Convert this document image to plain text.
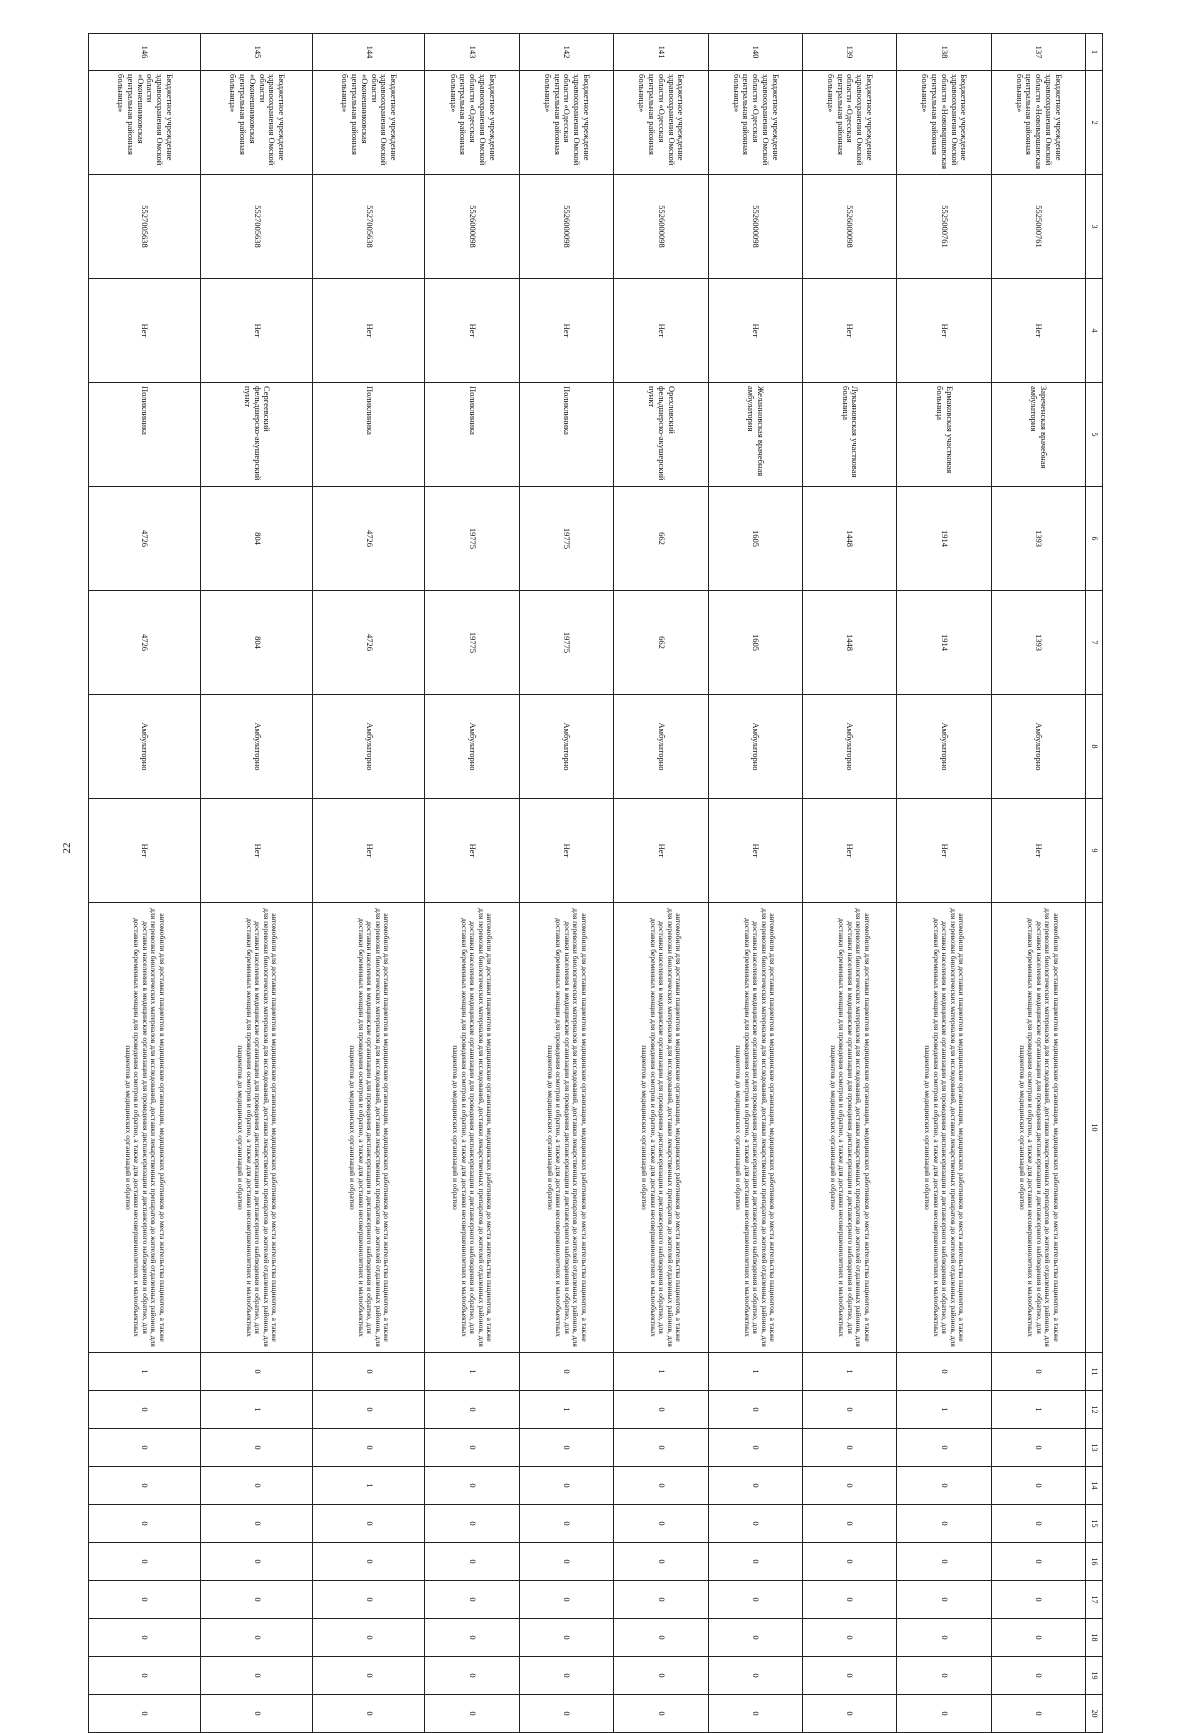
22
1	2	3	4	5	6	7	8	9	10	11	12	13	14	15	16	17	18	19	20
137	Бюджетное учреждение здравоохранения Омской области «Нововаршавская центральная районная больница»	5525000761	Нет	Зареченская врачебная амбулатория	1393	1393	Амбулаторно	Нет	автомобили для доставки пациентов в медицинские организации, медицинских работников до места жительства пациентов, а также для перевозки биологических материалов для исследований, доставки лекарственных препаратов до жителей отдаленных районов, для доставки населения в медицинские организации для проведения диспансеризации и диспансерного наблюдения и обратно, для доставки беременных женщин для проведения осмотров и обратно, а также для доставки несовершеннолетних и малообъектных пациентов до медицинских организаций и обратно	0	1	0	0	0	0	0	0	0	0
138	Бюджетное учреждение здравоохранения Омской области «Нововаршавская центральная районная больница»	5525000761	Нет	Ермаковская участковая больница	1914	1914	Амбулаторно	Нет	автомобили для доставки пациентов в медицинские организации, медицинских работников до места жительства пациентов, а также для перевозки биологических материалов для исследований, доставки лекарственных препаратов до жителей отдаленных районов, для доставки населения в медицинские организации для проведения диспансеризации и диспансерного наблюдения и обратно, для доставки беременных женщин для проведения осмотров и обратно, а также для доставки несовершеннолетних и малообъектных пациентов до медицинских организаций и обратно	0	1	0	0	0	0	0	0	0	0
139	Бюджетное учреждение здравоохранения Омской области «Одесская центральная районная больница»	5526000098	Нет	Лукьяновская участковая больница	1448	1448	Амбулаторно	Нет	автомобили для доставки пациентов в медицинские организации, медицинских работников до места жительства пациентов, а также для перевозки биологических материалов для исследований, доставки лекарственных препаратов до жителей отдаленных районов, для доставки населения в медицинские организации для проведения диспансеризации и диспансерного наблюдения и обратно, для доставки беременных женщин для проведения осмотров и обратно, а также для доставки несовершеннолетних и малообъектных пациентов до медицинских организаций и обратно	1	0	0	0	0	0	0	0	0	0
140	Бюджетное учреждение здравоохранения Омской области «Одесская центральная районная больница»	5526000098	Нет	Желанновская врачебная амбулатория	1605	1605	Амбулаторно	Нет	автомобили для доставки пациентов в медицинские организации, медицинских работников до места жительства пациентов, а также для перевозки биологических материалов для исследований, доставки лекарственных препаратов до жителей отдаленных районов, для доставки населения в медицинские организации для проведения диспансеризации и диспансерного наблюдения и обратно, для доставки беременных женщин для проведения осмотров и обратно, а также для доставки несовершеннолетних и малообъектных пациентов до медицинских организаций и обратно	1	0	0	0	0	0	0	0	0	0
141	Бюджетное учреждение здравоохранения Омской области «Одесская центральная районная больница»	5526000098	Нет	Орехловский фельдшерско-акушерский пункт	662	662	Амбулаторно	Нет	автомобили для доставки пациентов в медицинские организации, медицинских работников до места жительства пациентов, а также для перевозки биологических материалов для исследований, доставки лекарственных препаратов до жителей отдаленных районов, для доставки населения в медицинские организации для проведения диспансеризации и диспансерного наблюдения и обратно, для доставки беременных женщин для проведения осмотров и обратно, а также для доставки несовершеннолетних и малообъектных пациентов до медицинских организаций и обратно	1	0	0	0	0	0	0	0	0	0
142	Бюджетное учреждение здравоохранения Омской области «Одесская центральная районная больница»	5526000098	Нет	Поликлиника	19775	19775	Амбулаторно	Нет	автомобили для доставки пациентов в медицинские организации, медицинских работников до места жительства пациентов, а также для перевозки биологических материалов для исследований, доставки лекарственных препаратов до жителей отдаленных районов, для доставки населения в медицинские организации для проведения диспансеризации и диспансерного наблюдения и обратно, для доставки беременных женщин для проведения осмотров и обратно, а также для доставки несовершеннолетних и малообъектных пациентов до медицинских организаций и обратно	0	1	0	0	0	0	0	0	0	0
143	Бюджетное учреждение здравоохранения Омской области «Одесская центральная районная больница»	5526000098	Нет	Поликлиника	19775	19775	Амбулаторно	Нет	автомобили для доставки пациентов в медицинские организации, медицинских работников до места жительства пациентов, а также для перевозки биологических материалов для исследований, доставки лекарственных препаратов до жителей отдаленных районов, для доставки населения в медицинские организации для проведения диспансеризации и диспансерного наблюдения и обратно, для доставки беременных женщин для проведения осмотров и обратно, а также для доставки несовершеннолетних и малообъектных пациентов до медицинских организаций и обратно	1	0	0	0	0	0	0	0	0	0
144	Бюджетное учреждение здравоохранения Омской области «Оконешниковская центральная районная больница»	5527005638	Нет	Поликлиника	4726	4726	Амбулаторно	Нет	автомобили для доставки пациентов в медицинские организации, медицинских работников до места жительства пациентов, а также для перевозки биологических материалов для исследований, доставки лекарственных препаратов до жителей отдаленных районов, для доставки населения в медицинские организации для проведения диспансеризации и диспансерного наблюдения и обратно, для доставки беременных женщин для проведения осмотров и обратно, а также для доставки несовершеннолетних и малообъектных пациентов до медицинских организаций и обратно	0	0	0	1	0	0	0	0	0	0
145	Бюджетное учреждение здравоохранения Омской области «Оконешниковская центральная районная больница»	5527005638	Нет	Сергеевский фельдшерско-акушерский пункт	804	804	Амбулаторно	Нет	автомобили для доставки пациентов в медицинские организации, медицинских работников до места жительства пациентов, а также для перевозки биологических материалов для исследований, доставки лекарственных препаратов до жителей отдаленных районов, для доставки населения в медицинские организации для проведения диспансеризации и диспансерного наблюдения и обратно, для доставки беременных женщин для проведения осмотров и обратно, а также для доставки несовершеннолетних и малообъектных пациентов до медицинских организаций и обратно	0	1	0	0	0	0	0	0	0	0
146	Бюджетное учреждение здравоохранения Омской области «Оконешниковская центральная районная больница»	5527005638	Нет	Поликлиника	4726	4726	Амбулаторно	Нет	автомобили для доставки пациентов в медицинские организации, медицинских работников до места жительства пациентов, а также для перевозки биологических материалов для исследований, доставки лекарственных препаратов до жителей отдаленных районов, для доставки населения в медицинские организации для проведения диспансеризации и диспансерного наблюдения и обратно, для доставки беременных женщин для проведения осмотров и обратно, а также для доставки несовершеннолетних и малообъектных пациентов до медицинских организаций и обратно	1	0	0	0	0	0	0	0	0	0
